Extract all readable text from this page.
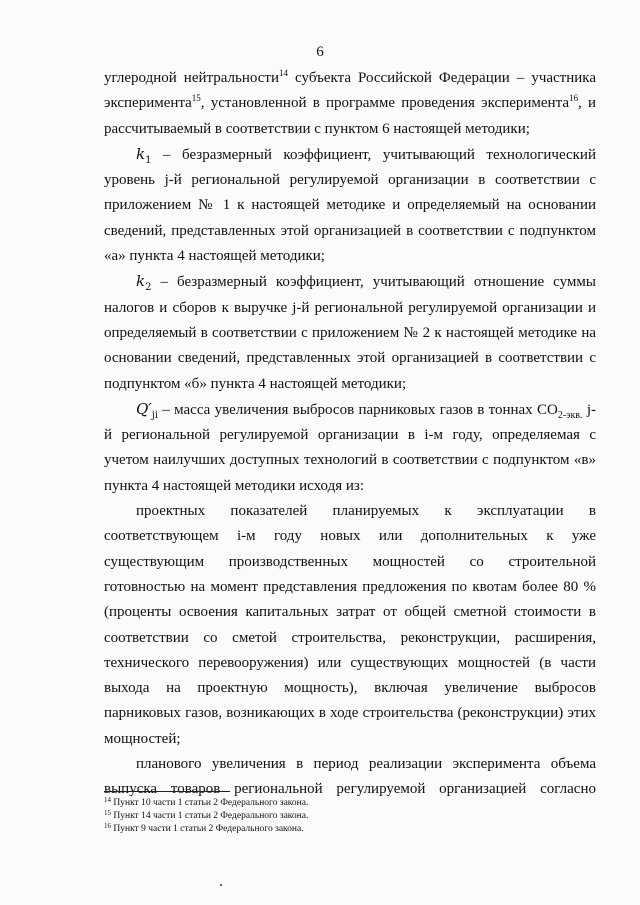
6

углеродной нейтральности$^{14}$ субъекта Российской Федерации – участника эксперимента$^{15}$, установленной в программе проведения эксперимента$^{16}$, и рассчитываемый в соответствии с пунктом 6 настоящей методики;

$k_1$ – безразмерный коэффициент, учитывающий технологический уровень j-й региональной регулируемой организации в соответствии с приложением № 1 к настоящей методике и определяемый на основании сведений, представленных этой организацией в соответствии с подпунктом «а» пункта 4 настоящей методики;

$k_2$ – безразмерный коэффициент, учитывающий отношение суммы налогов и сборов к выручке j-й региональной регулируемой организации и определяемый в соответствии с приложением № 2 к настоящей методике на основании сведений, представленных этой организацией в соответствии с подпунктом «б» пункта 4 настоящей методики;

$Q'_{ji}$ – масса увеличения выбросов парниковых газов в тоннах $CO_{2-экв.}$ j-й региональной регулируемой организации в i-м году, определяемая с учетом наилучших доступных технологий в соответствии с подпунктом «в» пункта 4 настоящей методики исходя из:

проектных показателей планируемых к эксплуатации в соответствующем i-м году новых или дополнительных к уже существующим производственных мощностей со строительной готовностью на момент представления предложения по квотам более 80 % (проценты освоения капитальных затрат от общей сметной стоимости в соответствии со сметой строительства, реконструкции, расширения, технического перевооружения) или существующих мощностей (в части выхода на проектную мощность), включая увеличение выбросов парниковых газов, возникающих в ходе строительства (реконструкции) этих мощностей;

планового увеличения в период реализации эксперимента объема выпуска товаров региональной регулируемой организацией согласно

$^{14}$ Пункт 10 части 1 статьи 2 Федерального закона.

$^{15}$ Пункт 14 части 1 статьи 2 Федерального закона.

$^{16}$ Пункт 9 части 1 статьи 2 Федерального закона.
